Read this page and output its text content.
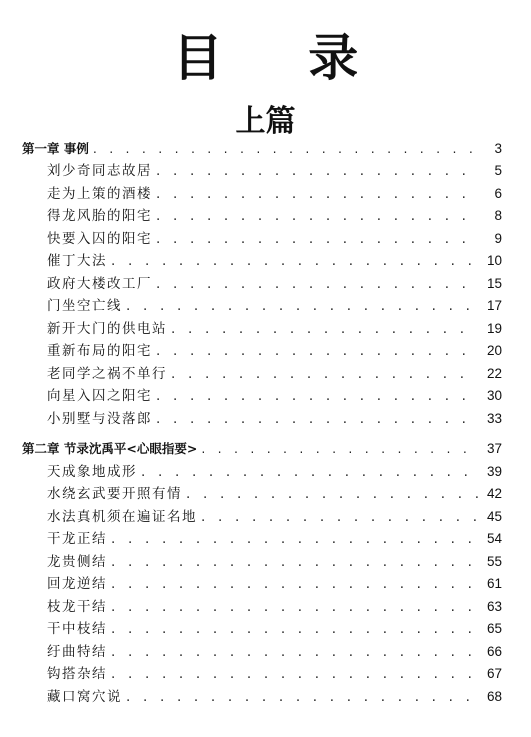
目 录
上篇
第一章 事例 . . .	3
刘少奇同志故居 . . .	5
走为上策的酒楼 . . .	6
得龙风胎的阳宅 . . .	8
快要入囚的阳宅 . . .	9
催丁大法 . . .	10
政府大楼改工厂 . . .	15
门坐空亡线 . . .	17
新开大门的供电站 . . .	19
重新布局的阳宅 . . .	20
老同学之祸不单行 . . .	22
向星入囚之阳宅 . . .	30
小别墅与没落郎 . . .	33
第二章 节录沈禹平<心眼指要> . . .	37
天成象地成形 . . .	39
水绕玄武要开照有情 . . .	42
水法真机须在遍证名地 . . .	45
干龙正结 . . .	54
龙贵侧结 . . .	55
回龙逆结 . . .	61
枝龙干结 . . .	63
干中枝结 . . .	65
纡曲特结 . . .	66
钩搭杂结 . . .	67
藏口窝穴说 . . .	68
